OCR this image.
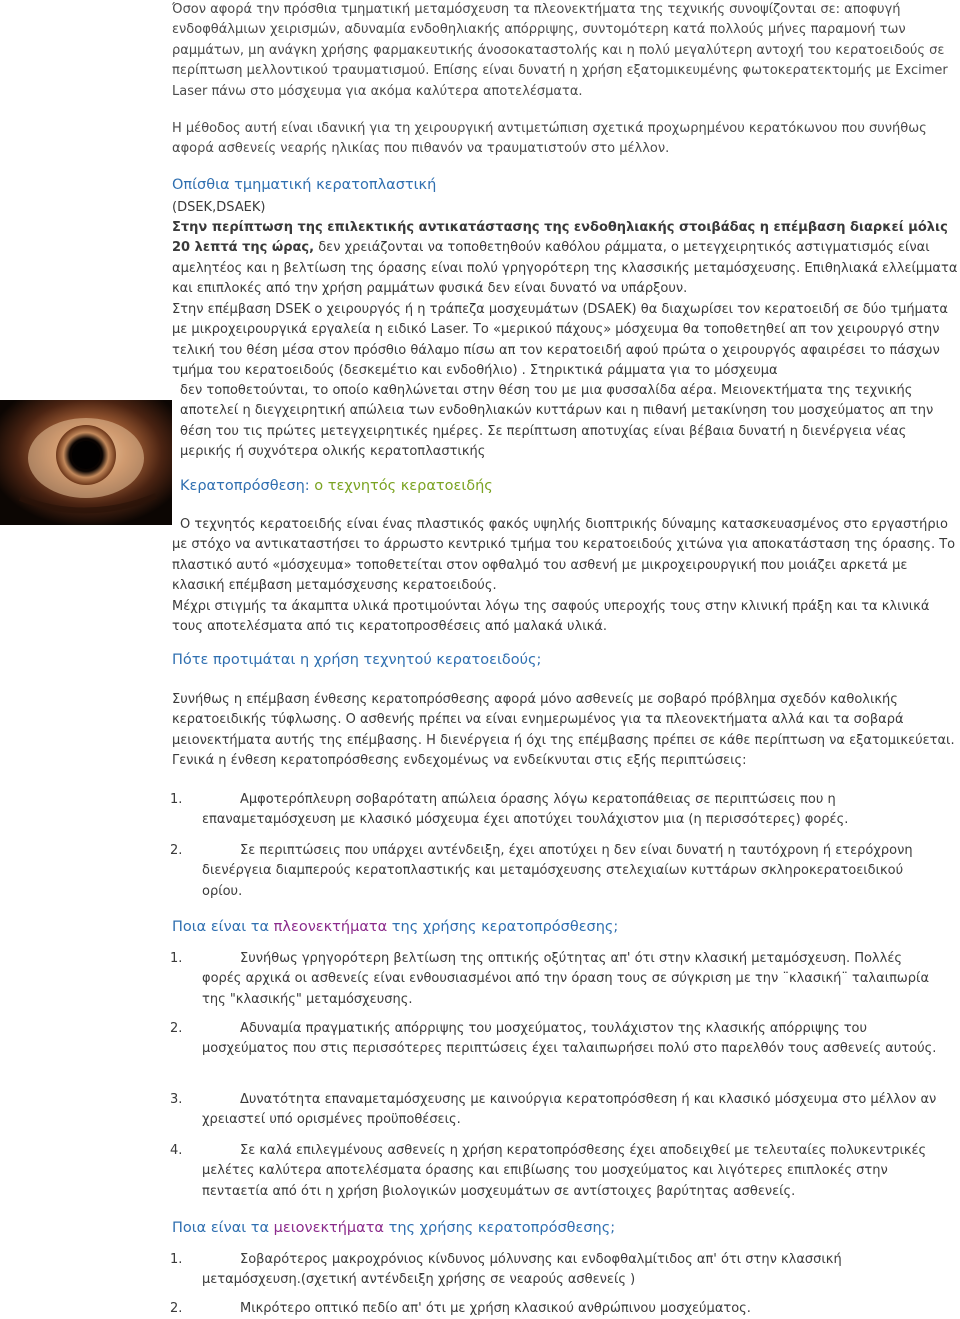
Όσον αφορά την πρόσθια τμηματική μεταμόσχευση τα πλεονεκτήματα της τεχνικής συνοψίζονται σε: αποφυγή ενδοφθάλμιων χειρισμών, αδυναμία ενδοθηλιακής απόρριψης, συντομότερη κατά πολλούς μήνες παραμονή των ραμμάτων, μη ανάγκη χρήσης φαρμακευτικής άνοσοκαταστολής και η πολύ μεγαλύτερη αντοχή του κερατοειδούς σε περίπτωση μελλοντικού τραυματισμού. Επίσης είναι δυνατή η χρήση εξατομικευμένης φωτοκερατεκτομής με Excimer Laser πάνω στο μόσχευμα για ακόμα καλύτερα αποτελέσματα.

Η μέθοδος αυτή είναι ιδανική για τη χειρουργική αντιμετώπιση σχετικά προχωρημένου κερατόκωνου που συνήθως αφορά ασθενείς νεαρής ηλικίας που πιθανόν να τραυματιστούν στο μέλλον.

Οπίσθια τμηματική κερατοπλαστική

(DSEK,DSAEK)

Στην περίπτωση της επιλεκτικής αντικατάστασης της ενδοθηλιακής στοιβάδας η επέμβαση διαρκεί μόλις 20 λεπτά της ώρας, δεν χρειάζονται να τοποθετηθούν καθόλου ράμματα, ο μετεγχειρητικός αστιγματισμός είναι αμελητέος και η βελτίωση της όρασης είναι πολύ γρηγορότερη της κλασσικής μεταμόσχευσης. Επιθηλιακά ελλείμματα και επιπλοκές από την χρήση ραμμάτων φυσικά δεν είναι δυνατό να υπάρξουν.

Στην επέμβαση DSEK ο χειρουργός ή η τράπεζα μοσχευμάτων (DSAEK) θα διαχωρίσει τον κερατοειδή σε δύο τμήματα με μικροχειρουργικά εργαλεία η ειδικό Laser. Το «μερικού πάχους» μόσχευμα θα τοποθετηθεί απ τον χειρουργό στην τελική του θέση μέσα στον πρόσθιο θάλαμο πίσω απ τον κερατοειδή αφού πρώτα ο χειρουργός αφαιρέσει το πάσχων τμήμα του κερατοειδούς (δεσκεμέτιο και ενδοθήλιο) . Στηρικτικά ράμματα για το μόσχευμα

δεν τοποθετούνται, το οποίο καθηλώνεται στην θέση του με μια φυσσαλίδα αέρα. Μειονεκτήματα της τεχνικής αποτελεί η διεγχειρητική απώλεια των ενδοθηλιακών κυττάρων και η πιθανή μετακίνηση του μοσχεύματος απ την θέση του τις πρώτες μετεγχειρητικές ημέρες. Σε περίπτωση αποτυχίας είναι βέβαια δυνατή η διενέργεια νέας μερικής ή συχνότερα ολικής κερατοπλαστικής

Κερατοπρόσθεση: ο τεχνητός κερατοειδής

Ο τεχνητός κερατοειδής είναι ένας πλαστικός φακός υψηλής διοπτρικής δύναμης κατασκευασμένος στο εργαστήριο με στόχο να αντικαταστήσει το άρρωστο κεντρικό τμήμα του κερατοειδούς χιτώνα για αποκατάσταση της όρασης. Το πλαστικό αυτό «μόσχευμα» τοποθετείται στον οφθαλμό του ασθενή με μικροχειρουργική που μοιάζει αρκετά με κλασική επέμβαση μεταμόσχευσης κερατοειδούς.

Μέχρι στιγμής τα άκαμπτα υλικά προτιμούνται λόγω της σαφούς υπεροχής τους στην κλινική πράξη και τα κλινικά τους αποτελέσματα από τις κερατοπροσθέσεις από μαλακά υλικά.

Πότε προτιμάται η χρήση τεχνητού κερατοειδούς;

Συνήθως η επέμβαση ένθεσης κερατοπρόσθεσης αφορά μόνο ασθενείς με σοβαρό πρόβλημα σχεδόν καθολικής κερατοειδικής τύφλωσης. Ο ασθενής πρέπει να είναι ενημερωμένος για τα πλεονεκτήματα αλλά και τα σοβαρά μειονεκτήματα αυτής της επέμβασης. Η διενέργεια ή όχι της επέμβασης πρέπει σε κάθε περίπτωση να εξατομικεύεται. Γενικά η ένθεση κερατοπρόσθεσης ενδεχομένως να ενδείκνυται στις εξής περιπτώσεις:

1.	Αμφοτερόπλευρη σοβαρότατη απώλεια όρασης λόγω κερατοπάθειας σε περιπτώσεις που η επαναμεταμόσχευση με κλασικό μόσχευμα έχει αποτύχει τουλάχιστον μια (η περισσότερες) φορές.
2.	Σε περιπτώσεις που υπάρχει αντένδειξη, έχει αποτύχει η δεν είναι δυνατή η ταυτόχρονη ή ετερόχρονη διενέργεια διαμπερούς κερατοπλαστικής και μεταμόσχευσης στελεχιαίων κυττάρων σκληροκερατοειδικού ορίου.
Ποια είναι τα πλεονεκτήματα της χρήσης κερατοπρόσθεσης;
1.	Συνήθως γρηγορότερη βελτίωση της οπτικής οξύτητας απ' ότι στην κλασική μεταμόσχευση. Πολλές φορές αρχικά οι ασθενείς είναι ενθουσιασμένοι από την όραση τους σε σύγκριση με την ¨κλασική¨ ταλαιπωρία της "κλασικής" μεταμόσχευσης.
2.	Αδυναμία πραγματικής απόρριψης του μοσχεύματος, τουλάχιστον της κλασικής απόρριψης του μοσχεύματος που στις περισσότερες περιπτώσεις έχει ταλαιπωρήσει πολύ στο παρελθόν τους ασθενείς αυτούς.
3.	Δυνατότητα επαναμεταμόσχευσης με καινούργια κερατοπρόσθεση ή και κλασικό μόσχευμα στο μέλλον αν χρειαστεί υπό ορισμένες προϋποθέσεις.
4.	Σε καλά επιλεγμένους ασθενείς η χρήση κερατοπρόσθεσης έχει αποδειχθεί με τελευταίες πολυκεντρικές μελέτες καλύτερα αποτελέσματα όρασης και επιβίωσης του μοσχεύματος και λιγότερες επιπλοκές στην πενταετία από ότι η χρήση βιολογικών μοσχευμάτων σε αντίστοιχες βαρύτητας ασθενείς.
Ποια είναι τα μειονεκτήματα της χρήσης κερατοπρόσθεσης;
1.	Σοβαρότερος μακροχρόνιος κίνδυνος μόλυνσης και ενδοφθαλμίτιδος απ' ότι στην κλασσική μεταμόσχευση.(σχετική αντένδειξη χρήσης σε νεαρούς ασθενείς )
2.	Μικρότερο οπτικό πεδίο απ' ότι με χρήση κλασικού ανθρώπινου μοσχεύματος.
